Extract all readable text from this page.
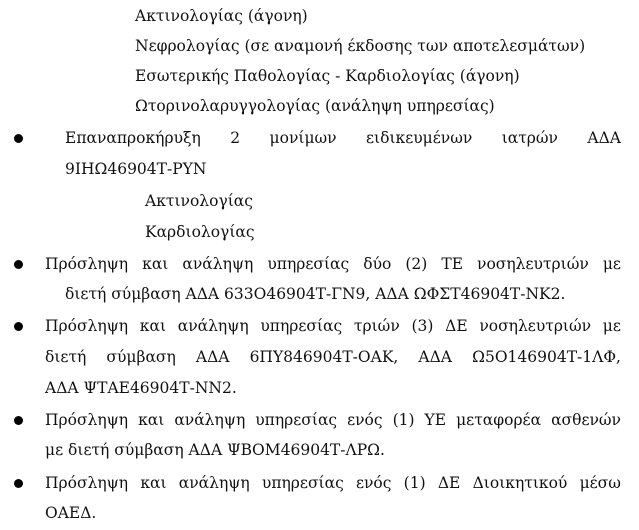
Ακτινολογίας (άγονη)
Νεφρολογίας (σε αναμονή έκδοσης των αποτελεσμάτων)
Εσωτερικής Παθολογίας - Καρδιολογίας (άγονη)
Ωτορινολαρυγγολογίας (ανάληψη υπηρεσίας)
Επαναπροκήρυξη 2 μονίμων ειδικευμένων ιατρών ΑΔΑ
9ΙΗΩ46904Τ-ΡΥΝ
Ακτινολογίας
Καρδιολογίας
Πρόσληψη και ανάληψη υπηρεσίας δύο (2) ΤΕ νοσηλευτριών με
διετή σύμβαση ΑΔΑ 633Ο46904Τ-ΓΝ9, ΑΔΑ ΩΦΣΤ46904Τ-ΝΚ2.
Πρόσληψη και ανάληψη υπηρεσίας τριών (3) ΔΕ νοσηλευτριών με
διετή σύμβαση ΑΔΑ 6ΠΥ846904Τ-ΟΑΚ, ΑΔΑ Ω5Ο146904Τ-1ΛΦ,
ΑΔΑ ΨΤΑΕ46904Τ-ΝΝ2.
Πρόσληψη και ανάληψη υπηρεσίας ενός (1) ΥΕ μεταφορέα ασθενών
με διετή σύμβαση ΑΔΑ ΨΒΟΜ46904Τ-ΛΡΩ.
Πρόσληψη και ανάληψη υπηρεσίας ενός (1) ΔΕ Διοικητικού μέσω
ΟΑΕΔ.
